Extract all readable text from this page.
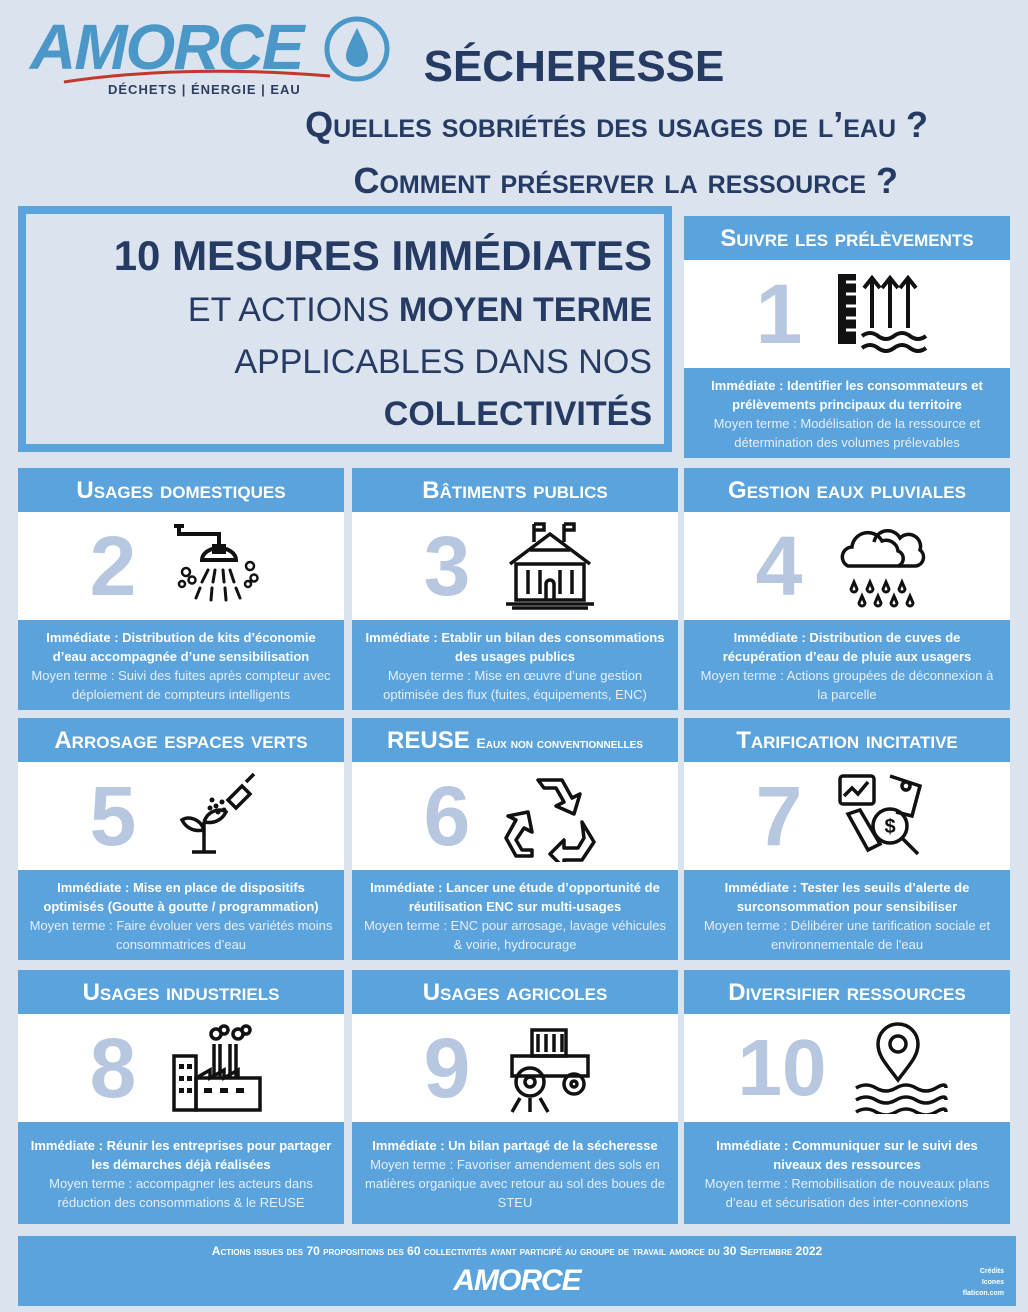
AMORCE
DÉCHETS | ÉNERGIE | EAU	SÉCHERESSE
Quelles sobriétés des usages de l’eau ?
Comment préserver la ressource ?
10 MESURES IMMÉDIATES
ET ACTIONS MOYEN TERME
APPLICABLES DANS NOS
COLLECTIVITÉS
Suivre les prélèvements
1
Immédiate : Identifier les consommateurs et prélèvements principaux du territoire
Moyen terme : Modélisation de la ressource et détermination des volumes prélevables
Usages domestiques
2
Immédiate : Distribution de kits d’économie d’eau accompagnée d’une sensibilisation
Moyen terme : Suivi des fuites après compteur avec déploiement de compteurs intelligents
Bâtiments publics
3
Immédiate : Etablir un bilan des consommations des usages publics
Moyen terme : Mise en œuvre d’une gestion optimisée des flux (fuites, équipements, ENC)
Gestion eaux pluviales
4
Immédiate : Distribution de cuves de récupération d’eau de pluie aux usagers
Moyen terme : Actions groupées de déconnexion à la parcelle
Arrosage espaces verts
5
Immédiate : Mise en place de dispositifs optimisés (Goutte à goutte / programmation)
Moyen terme : Faire évoluer vers des variétés moins consommatrices d’eau
REUSE Eaux non conventionnelles
6
Immédiate : Lancer une étude d’opportunité de réutilisation ENC sur multi-usages
Moyen terme : ENC pour arrosage, lavage véhicules & voirie, hydrocurage
Tarification incitative
7	$
Immédiate : Tester les seuils d’alerte de surconsommation pour sensibiliser
Moyen terme : Délibérer une tarification sociale et environnementale de l'eau
Usages industriels
8
Immédiate : Réunir les entreprises pour partager les démarches déjà réalisées
Moyen terme : accompagner les acteurs dans réduction des consommations & le REUSE
Usages agricoles
9
Immédiate : Un bilan partagé de la sécheresse
Moyen terme : Favoriser amendement des sols en matières organique avec retour au sol des boues de STEU
Diversifier ressources
10
Immédiate : Communiquer sur le suivi des niveaux des ressources
Moyen terme : Remobilisation de nouveaux plans d’eau et sécurisation des inter-connexions
Actions issues des 70 propositions des 60 collectivités ayant participé au groupe de travail amorce du 30 Septembre 2022
AMORCE	Crédits
Icones
flaticon.com
